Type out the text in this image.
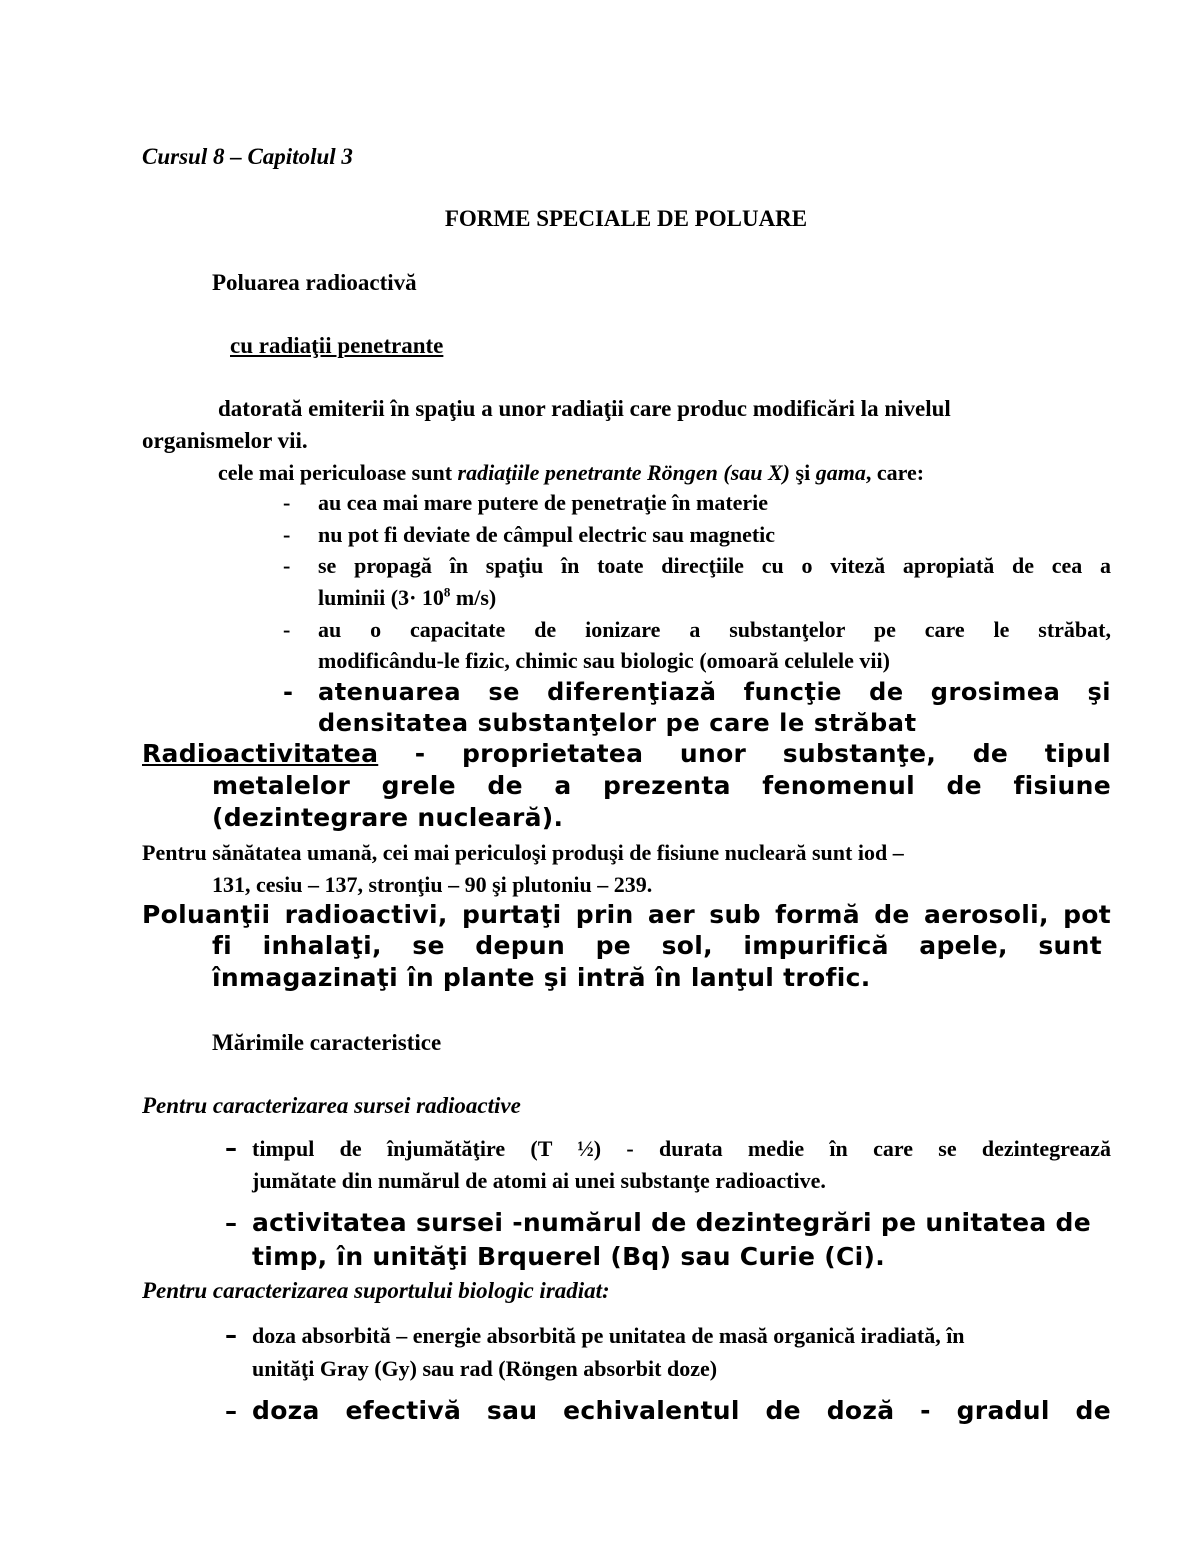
Cursul 8 – Capitolul 3
FORME SPECIALE DE POLUARE
Poluarea radioactivă
cu radiaţii penetrante
datorată emiterii în spaţiu a unor radiaţii care produc modificări la nivelul
organismelor vii.
cele mai periculoase sunt radiaţiile penetrante Röngen (sau X) şi gama, care:
- au cea mai mare putere de penetraţie în materie
- nu pot fi deviate de câmpul electric sau magnetic
- se propagă în spaţiu în toate direcţiile cu o viteză apropiată de cea a
luminii ($3\cdot 10^8$ m/s)
- au o capacitate de ionizare a substanţelor pe care le străbat,
modificându-le fizic, chimic sau biologic (omoară celulele vii)
- atenuarea se diferenţiază funcţie de grosimea şi
densitatea substanţelor pe care le străbat
Radioactivitatea - proprietatea unor substanţe, de tipul
metalelor grele de a prezenta fenomenul de fisiune
(dezintegrare nucleară).
Pentru sănătatea umană, cei mai periculoşi produşi de fisiune nucleară sunt iod –
131, cesiu – 137, stronţiu – 90 şi plutoniu – 239.
Poluanţii radioactivi, purtaţi prin aer sub formă de aerosoli, pot
fi inhalaţi, se depun pe sol, impurifică apele, sunt
înmagazinaţi în plante şi intră în lanţul trofic.
Mărimile caracteristice
Pentru caracterizarea sursei radioactive
– timpul de înjumătăţire (T ½) - durata medie în care se dezintegrează
jumătate din numărul de atomi ai unei substanţe radioactive.
– activitatea sursei -numărul de dezintegrări pe unitatea de
timp, în unităţi Brquerel (Bq) sau Curie (Ci).
Pentru caracterizarea suportului biologic iradiat:
– doza absorbită – energie absorbită pe unitatea de masă organică iradiată, în
unităţi Gray (Gy) sau rad (Röngen absorbit doze)
– doza efectivă sau echivalentul de doză - gradul de
